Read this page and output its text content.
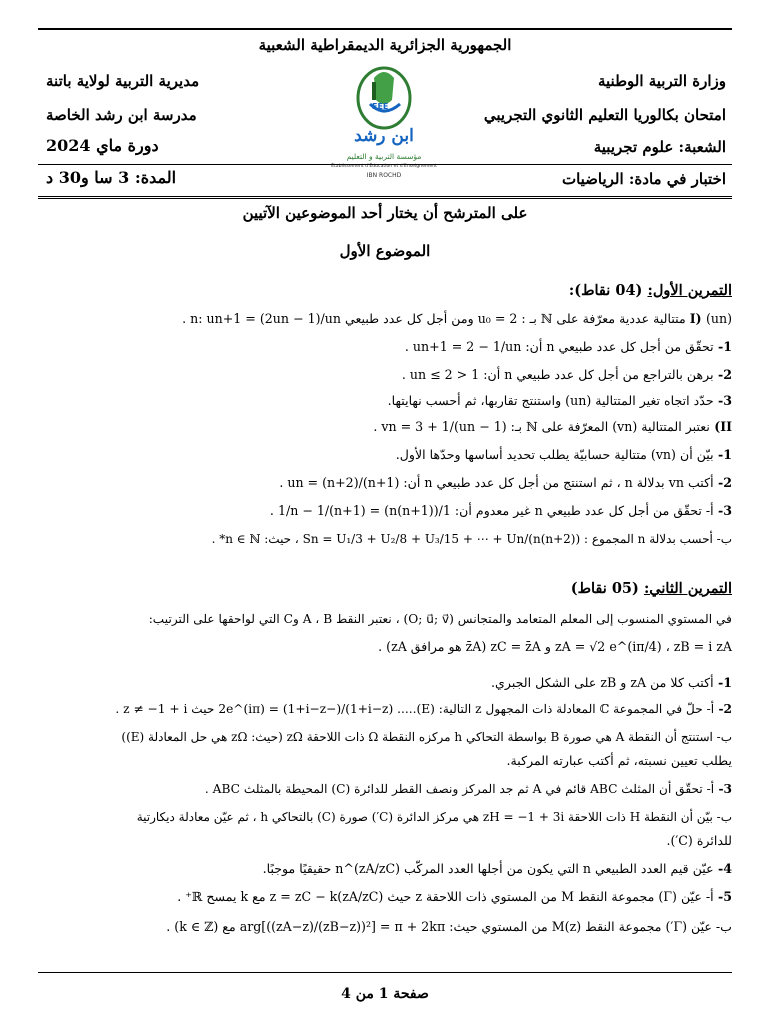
الجمهورية الجزائرية الديمقراطية الشعبية
وزارة التربية الوطنية
امتحان بكالوريا التعليم الثانوي التجريبي
الشعبة: علوم تجريبية
مديرية التربية لولاية باتنة
مدرسة ابن رشد الخاصة
دورة ماي 2024
EEE
ابن رشد
مؤسسة التربية و التعليم
Établissement d'Éducation et d'Enseignement
IBN ROCHD	اختبار في مادة: الرياضيات
المدة: 3 سا و30 د
على المترشح أن يختار أحد الموضوعين الآتيين
الموضوع الأول
التمرين الأول: (04 نقاط):
I) (un) متتالية عددية معرّفة على ℕ بـ : u₀ = 2 ومن أجل كل عدد طبيعي n: un+1 = (2un − 1)/un .
1- تحقّق من أجل كل عدد طبيعي n أن: un+1 = 2 − 1/un .
2- برهن بالتراجع من أجل كل عدد طبيعي n أن: 1 < un ≤ 2 .
3- حدّد اتجاه تغير المتتالية (un) واستنتج تقاربها، ثم أحسب نهايتها.
II) نعتبر المتتالية (vn) المعرّفة على ℕ بـ: vn = 3 + 1/(un − 1) .
1- بيّن أن (vn) متتالية حسابيّة يطلب تحديد أساسها وحدّها الأول.
2- أكتب vn بدلالة n ، ثم استنتج من أجل كل عدد طبيعي n أن: un = (n+2)/(n+1) .
3- أ- تحقّق من أجل كل عدد طبيعي n غير معدوم أن: 1/(n(n+1)) = 1/n − 1/(n+1) .
ب- أحسب بدلالة n المجموع : Sn = U₁/3 + U₂/8 + U₃/15 + ⋯ + Un/(n(n+2)) ، حيث: n ∈ ℕ* .
التمرين الثاني: (05 نقاط)
في المستوي المنسوب إلى المعلم المتعامد والمتجانس (O; u⃗; v⃗) ، نعتبر النقط A ، B وC التي لواحقها على الترتيب:
zA = √2 e^(iπ/4) ، zB = i zA و zC = z̄A (z̄A هو مرافق zA) .
1- أكتب كلا من zA و zB على الشكل الجبري.
2- أ- حلّ في المجموعة ℂ المعادلة ذات المجهول z التالية: (E)..... (1+i−z)/(−1+i−z) = 2e^(iπ) حيث z ≠ −1 + i .
ب- استنتج أن النقطة A هي صورة B بواسطة التحاكي h مركزه النقطة Ω ذات اللاحقة zΩ (حيث: zΩ هي حل المعادلة (E))
يطلب تعيين نسبته، ثم أكتب عبارته المركبة.
3- أ- تحقّق أن المثلث ABC قائم في A ثم جد المركز ونصف القطر للدائرة (C) المحيطة بالمثلث ABC .
ب- بيّن أن النقطة H ذات اللاحقة zH = −1 + 3i هي مركز الدائرة (C′) صورة (C) بالتحاكي h ، ثم عيّن معادلة ديكارتية
للدائرة (C′).
4- عيّن قيم العدد الطبيعي n التي يكون من أجلها العدد المركّب (zA/zC)^n حقيقيًا موجبًا.
5- أ- عيّن (Γ) مجموعة النقط M من المستوي ذات اللاحقة z حيث z = zC − k(zA/zC) مع k يمسح ℝ⁺ .
ب- عيّن (Γ′) مجموعة النقط M(z) من المستوي حيث: arg[((zA−z)/(zB−z))²] = π + 2kπ مع (k ∈ ℤ) .
صفحة 1 من 4
